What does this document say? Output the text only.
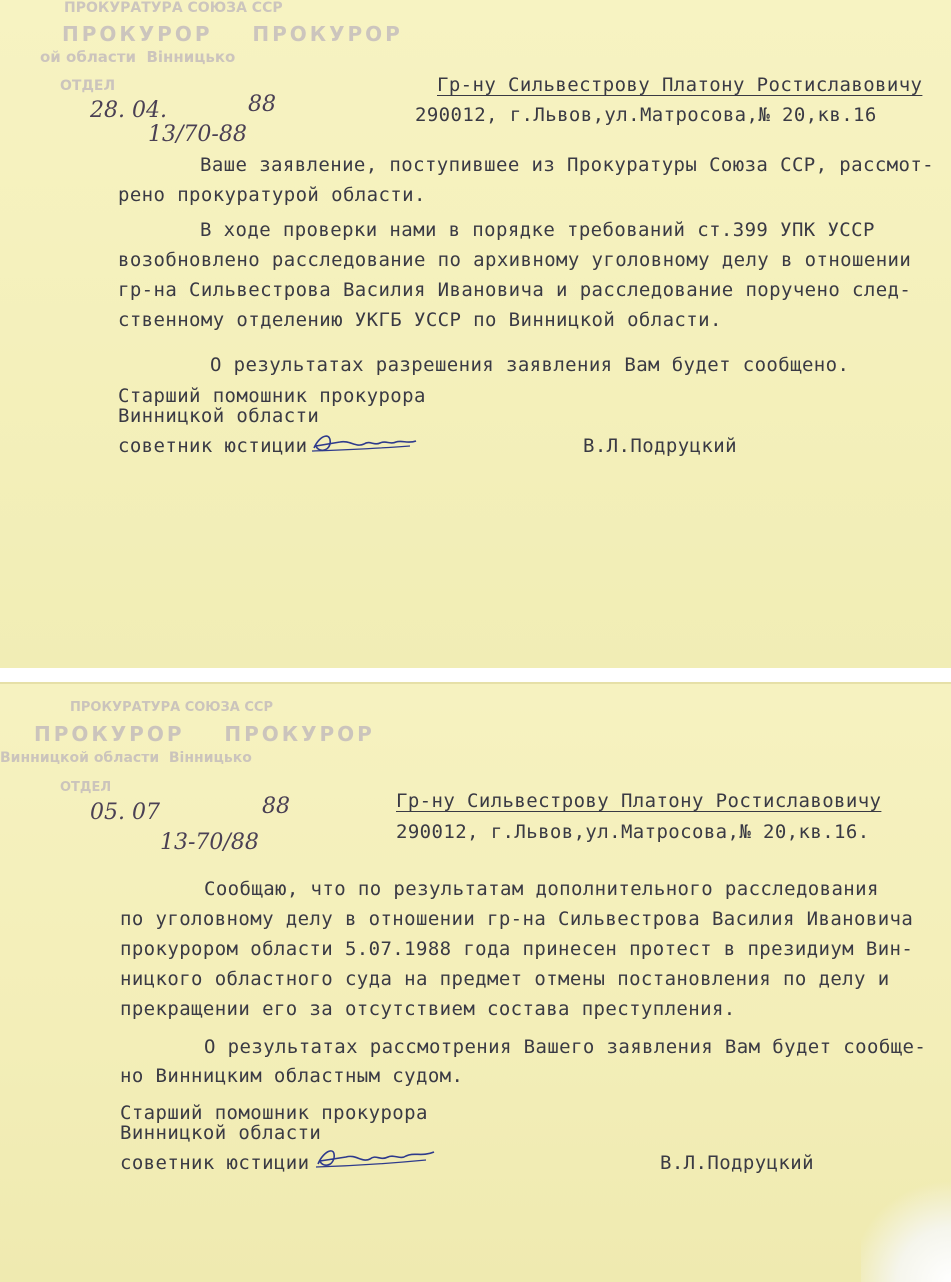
ПРОКУРАТУРА СОЮЗА ССР
ПРОКУРОР    ПРОКУРОР
ой области  Вінницько
ОТДЕЛ
28. 04.	88
13/70-88
Гр-ну Сильвестрову Платону Ростиславовичу
290012, г.Львов,ул.Матросова,№ 20,кв.16
Ваше заявление, поступившее из Прокуратуры Союза ССР, рассмот-
рено прокуратурой области.
В ходе проверки нами в порядке требований ст.399 УПК УССР
возобновлено расследование по архивному уголовному делу в отношении
гр-на Сильвестрова Василия Ивановича и расследование поручено след-
ственному отделению УКГБ УССР по Винницкой области.
О результатах разрешения заявления Вам будет сообщено.
Старший помошник прокурора
Винницкой области
советник юстиции	В.Л.Подруцкий
ПРОКУРАТУРА СОЮЗА ССР
ПРОКУРОР    ПРОКУРОР
Винницкой области  Вінницько
ОТДЕЛ
05. 07	88
13-70/88
Гр-ну Сильвестрову Платону Ростиславовичу
290012, г.Львов,ул.Матросова,№ 20,кв.16.
Сообщаю, что по результатам дополнительного расследования
по уголовному делу в отношении гр-на Сильвестрова Василия Ивановича
прокурором области 5.07.1988 года принесен протест в президиум Вин-
ницкого областного суда на предмет отмены постановления по делу и
прекращении его за отсутствием состава преступления.
О результатах рассмотрения Вашего заявления Вам будет сообще-
но Винницким областным судом.
Старший помошник прокурора
Винницкой области
советник юстиции	В.Л.Подруцкий
